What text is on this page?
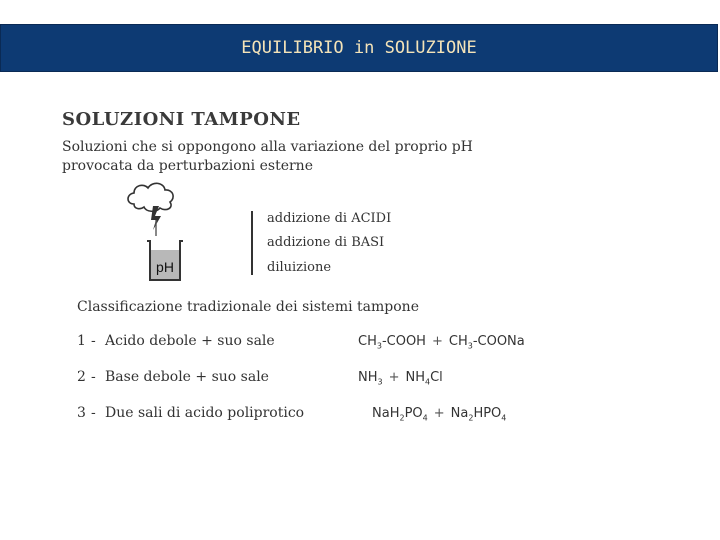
EQUILIBRIO in SOLUZIONE
SOLUZIONI TAMPONE
Soluzioni che si oppongono alla variazione del proprio pH
provocata da perturbazioni esterne
pH
addizione di ACIDI
addizione di BASI
diluizione
Classificazione tradizionale dei sistemi tampone
1 - Acido debole + suo sale	$CH_3$-COOH + $CH_3$-COONa
2 - Base debole + suo sale	$NH_3 + NH_4Cl$
3 - Due sali di acido poliprotico	$NaH_2PO_4 + Na_2HPO_4$
